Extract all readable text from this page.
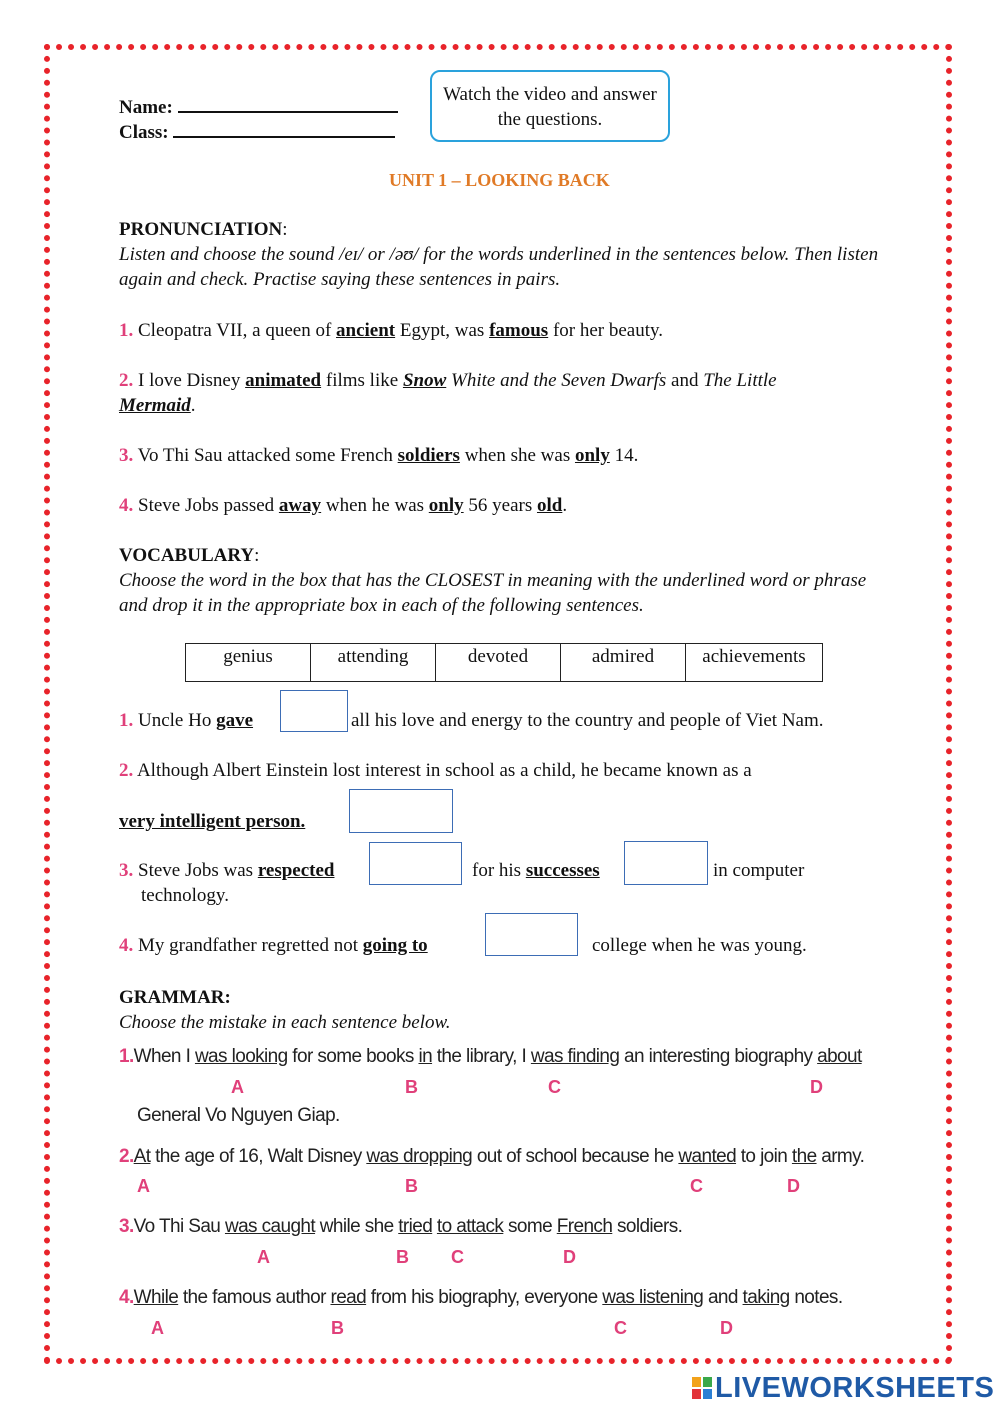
Name:
Class:
Watch the video and answer the questions.
UNIT 1 – LOOKING BACK
PRONUNCIATION:
Listen and choose the sound /eɪ/ or /əʊ/ for the words underlined in the sentences below. Then listen again and check. Practise saying these sentences in pairs.
1. Cleopatra VII, a queen of ancient Egypt, was famous for her beauty.
2. I love Disney animated films like Snow White and the Seven Dwarfs and The Little
Mermaid.
3. Vo Thi Sau attacked some French soldiers when she was only 14.
4. Steve Jobs passed away when he was only 56 years old.
VOCABULARY:
Choose the word in the box that has the CLOSEST in meaning with the underlined word or phrase and drop it in the appropriate box in each of the following sentences.
genius	attending	devoted	admired	achievements
1. Uncle Ho gave	all his love and energy to the country and people of Viet Nam.
2. Although Albert Einstein lost interest in school as a child, he became known as a
very intelligent person.
3. Steve Jobs was respected	for his successes	in computer
technology.
4. My grandfather regretted not going to	college when he was young.
GRAMMAR:
Choose the mistake in each sentence below.
1.When I was looking for some books in the library, I was finding an interesting biography about
A	B	C	D
General Vo Nguyen Giap.
2.At the age of 16, Walt Disney was dropping out of school because he wanted to join the army.
A	B	C	D
3.Vo Thi Sau was caught while she tried to attack some French soldiers.
A	B C	D
4.While the famous author read from his biography, everyone was listening and taking notes.
A	B	C	D
LIVEWORKSHEETS
